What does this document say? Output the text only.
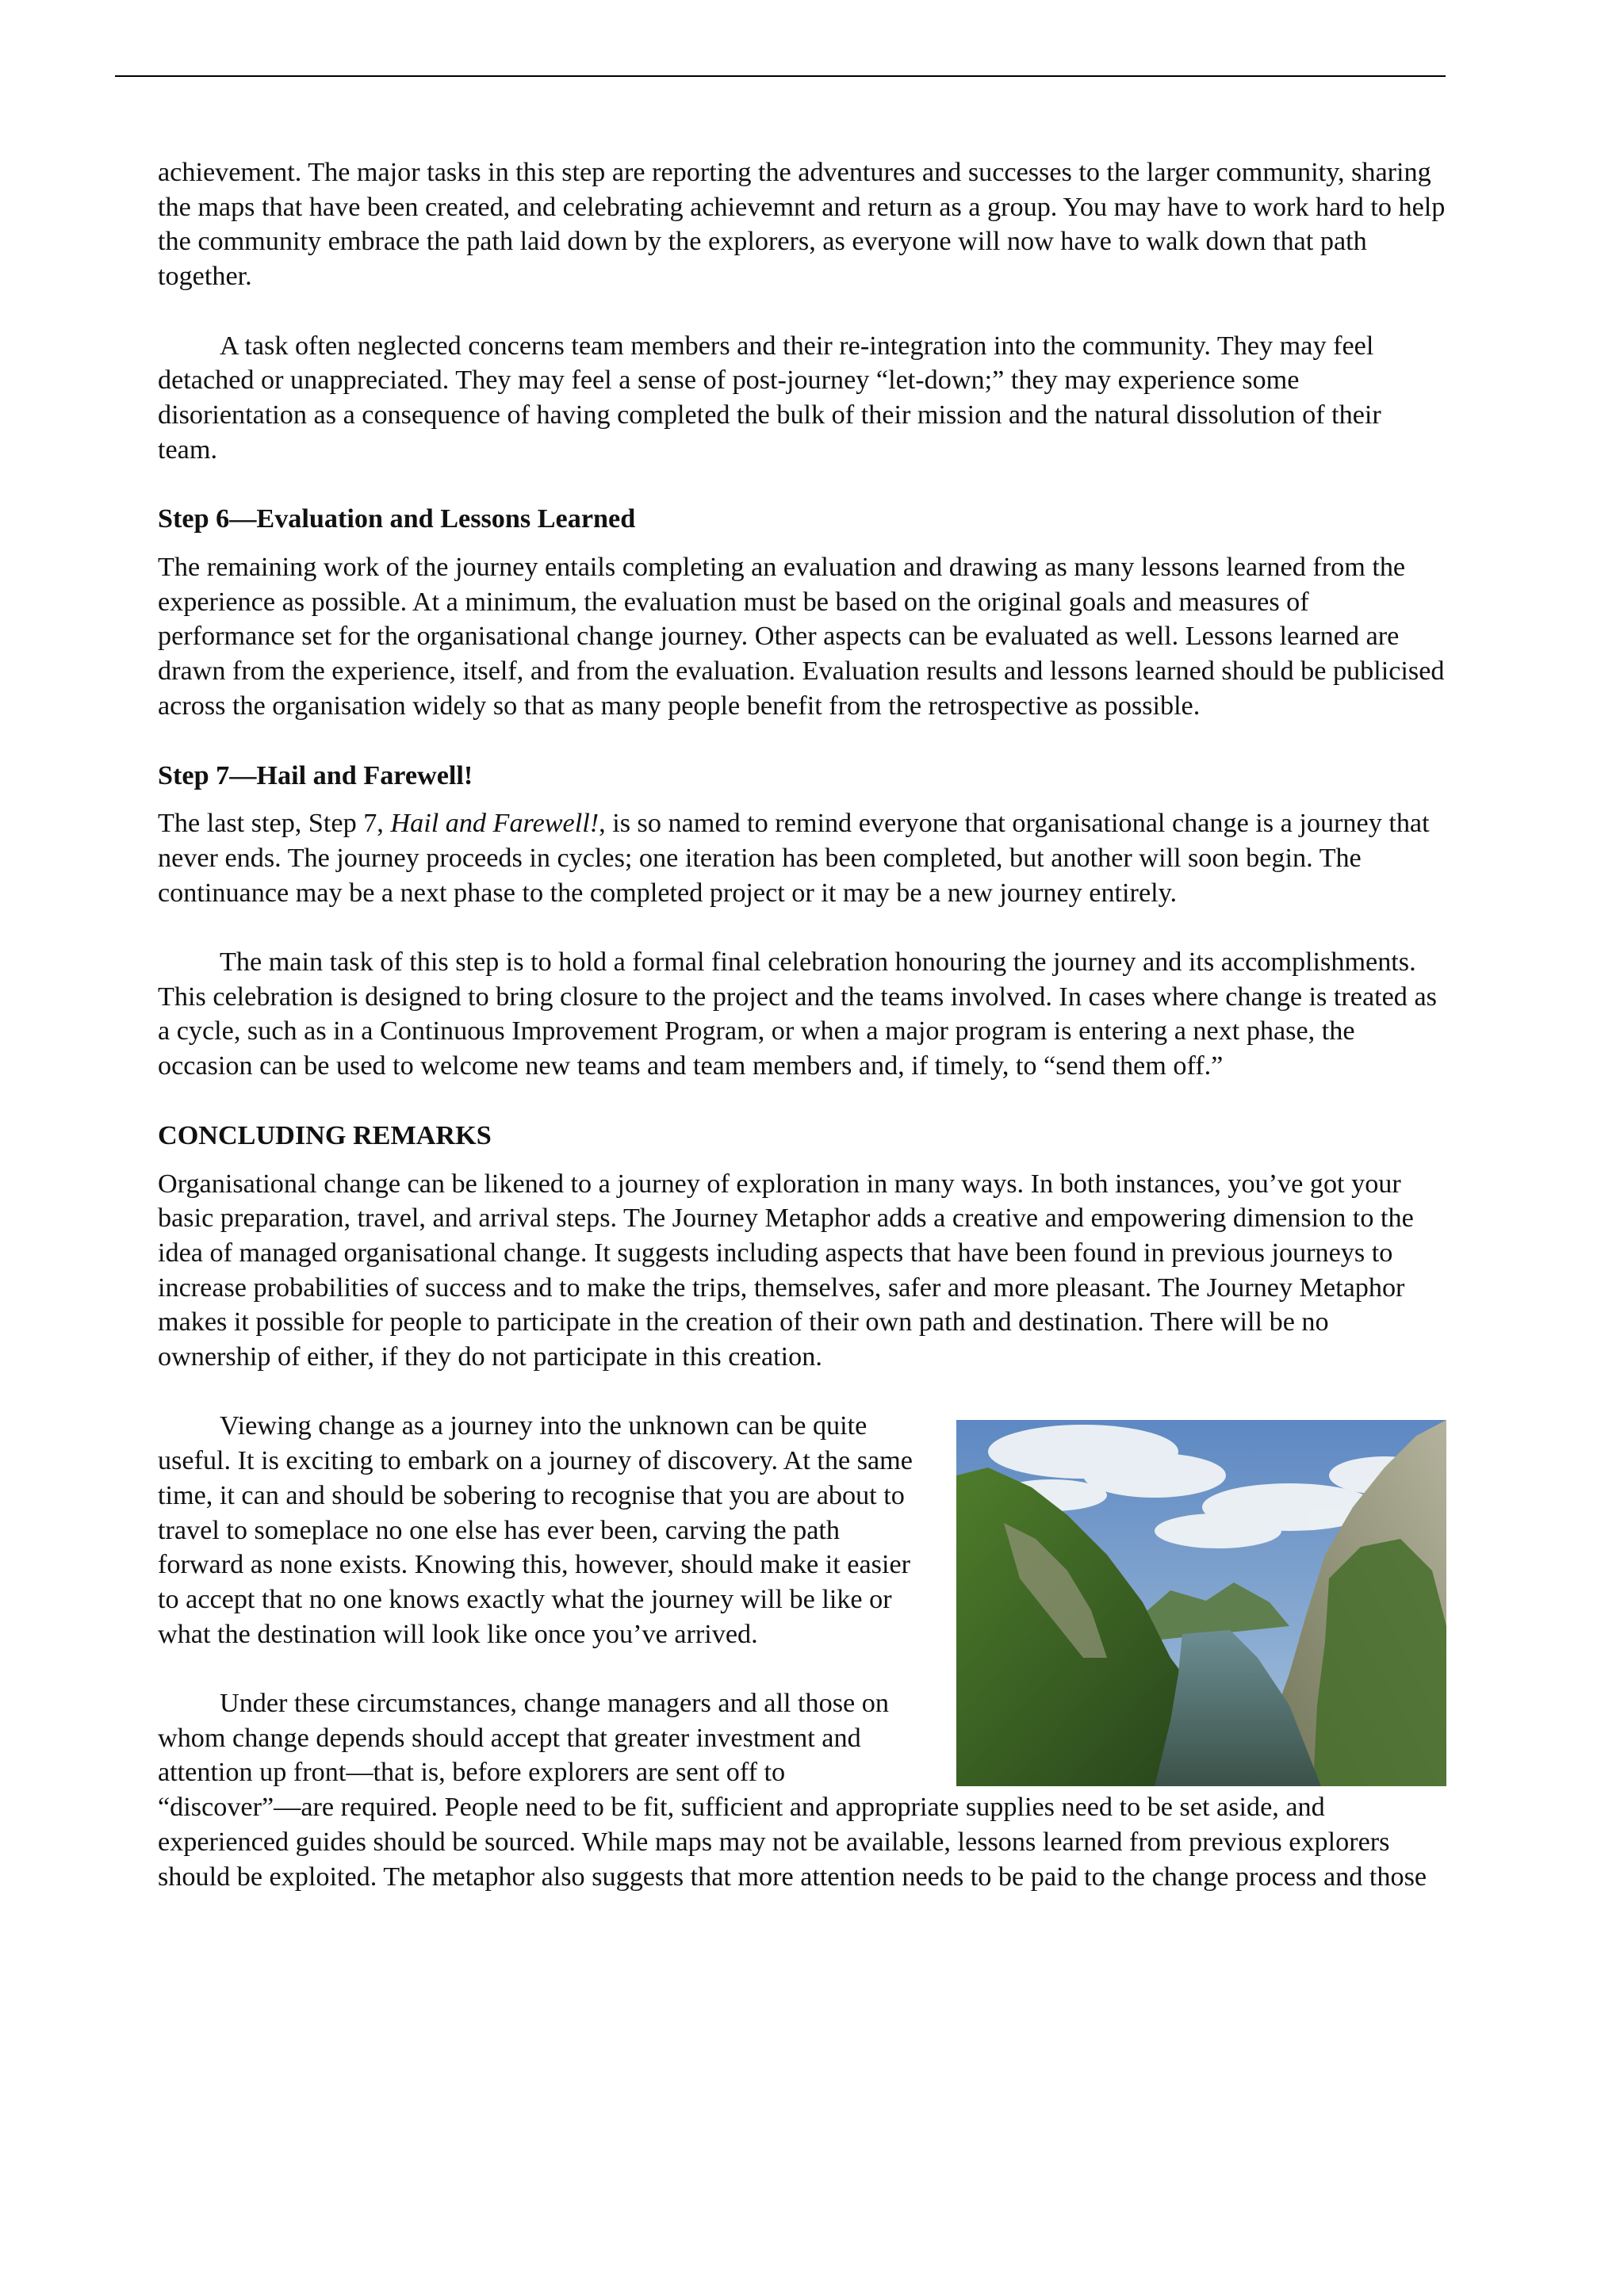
achievement. The major tasks in this step are reporting the adventures and successes to the larger community, sharing the maps that have been created, and celebrating achievemnt and return as a group. You may have to work hard to help the community embrace the path laid down by the explorers, as everyone will now have to walk down that path together.

A task often neglected concerns team members and their re-integration into the community. They may feel detached or unappreciated. They may feel a sense of post-journey “let-down;” they may experience some disorientation as a consequence of having completed the bulk of their mission and the natural dissolution of their team.

Step 6—Evaluation and Lessons Learned

The remaining work of the journey entails completing an evaluation and drawing as many lessons learned from the experience as possible. At a minimum, the evaluation must be based on the original goals and measures of performance set for the organisational change journey. Other aspects can be evaluated as well. Lessons learned are drawn from the experience, itself, and from the evaluation. Evaluation results and lessons learned should be publicised across the organisation widely so that as many people benefit from the retrospective as possible.

Step 7—Hail and Farewell!

The last step, Step 7, Hail and Farewell!, is so named to remind everyone that organisational change is a journey that never ends. The journey proceeds in cycles; one iteration has been completed, but another will soon begin. The continuance may be a next phase to the completed project or it may be a new journey entirely.

The main task of this step is to hold a formal final celebration honouring the journey and its accomplishments. This celebration is designed to bring closure to the project and the teams involved. In cases where change is treated as a cycle, such as in a Continuous Improvement Program, or when a major program is entering a next phase, the occasion can be used to welcome new teams and team members and, if timely, to “send them off.”

CONCLUDING REMARKS

Organisational change can be likened to a journey of exploration in many ways. In both instances, you’ve got your basic preparation, travel, and arrival steps. The Journey Metaphor adds a creative and empowering dimension to the idea of managed organisational change. It suggests including aspects that have been found in previous journeys to increase probabilities of success and to make the trips, themselves, safer and more pleasant. The Journey Metaphor makes it possible for people to participate in the creation of their own path and destination. There will be no ownership of either, if they do not participate in this creation.

Viewing change as a journey into the unknown can be quite useful. It is exciting to embark on a journey of discovery. At the same time, it can and should be sobering to recognise that you are about to travel to someplace no one else has ever been, carving the path forward as none exists. Knowing this, however, should make it easier to accept that no one knows exactly what the journey will be like or what the destination will look like once you’ve arrived.

Under these circumstances, change managers and all those on whom change depends should accept that greater investment and attention up front—that is, before explorers are sent off to “discover”—are required. People need to be fit, sufficient and appropriate supplies need to be set aside, and experienced guides should be sourced. While maps may not be available, lessons learned from previous explorers should be exploited. The metaphor also suggests that more attention needs to be paid to the change process and those
